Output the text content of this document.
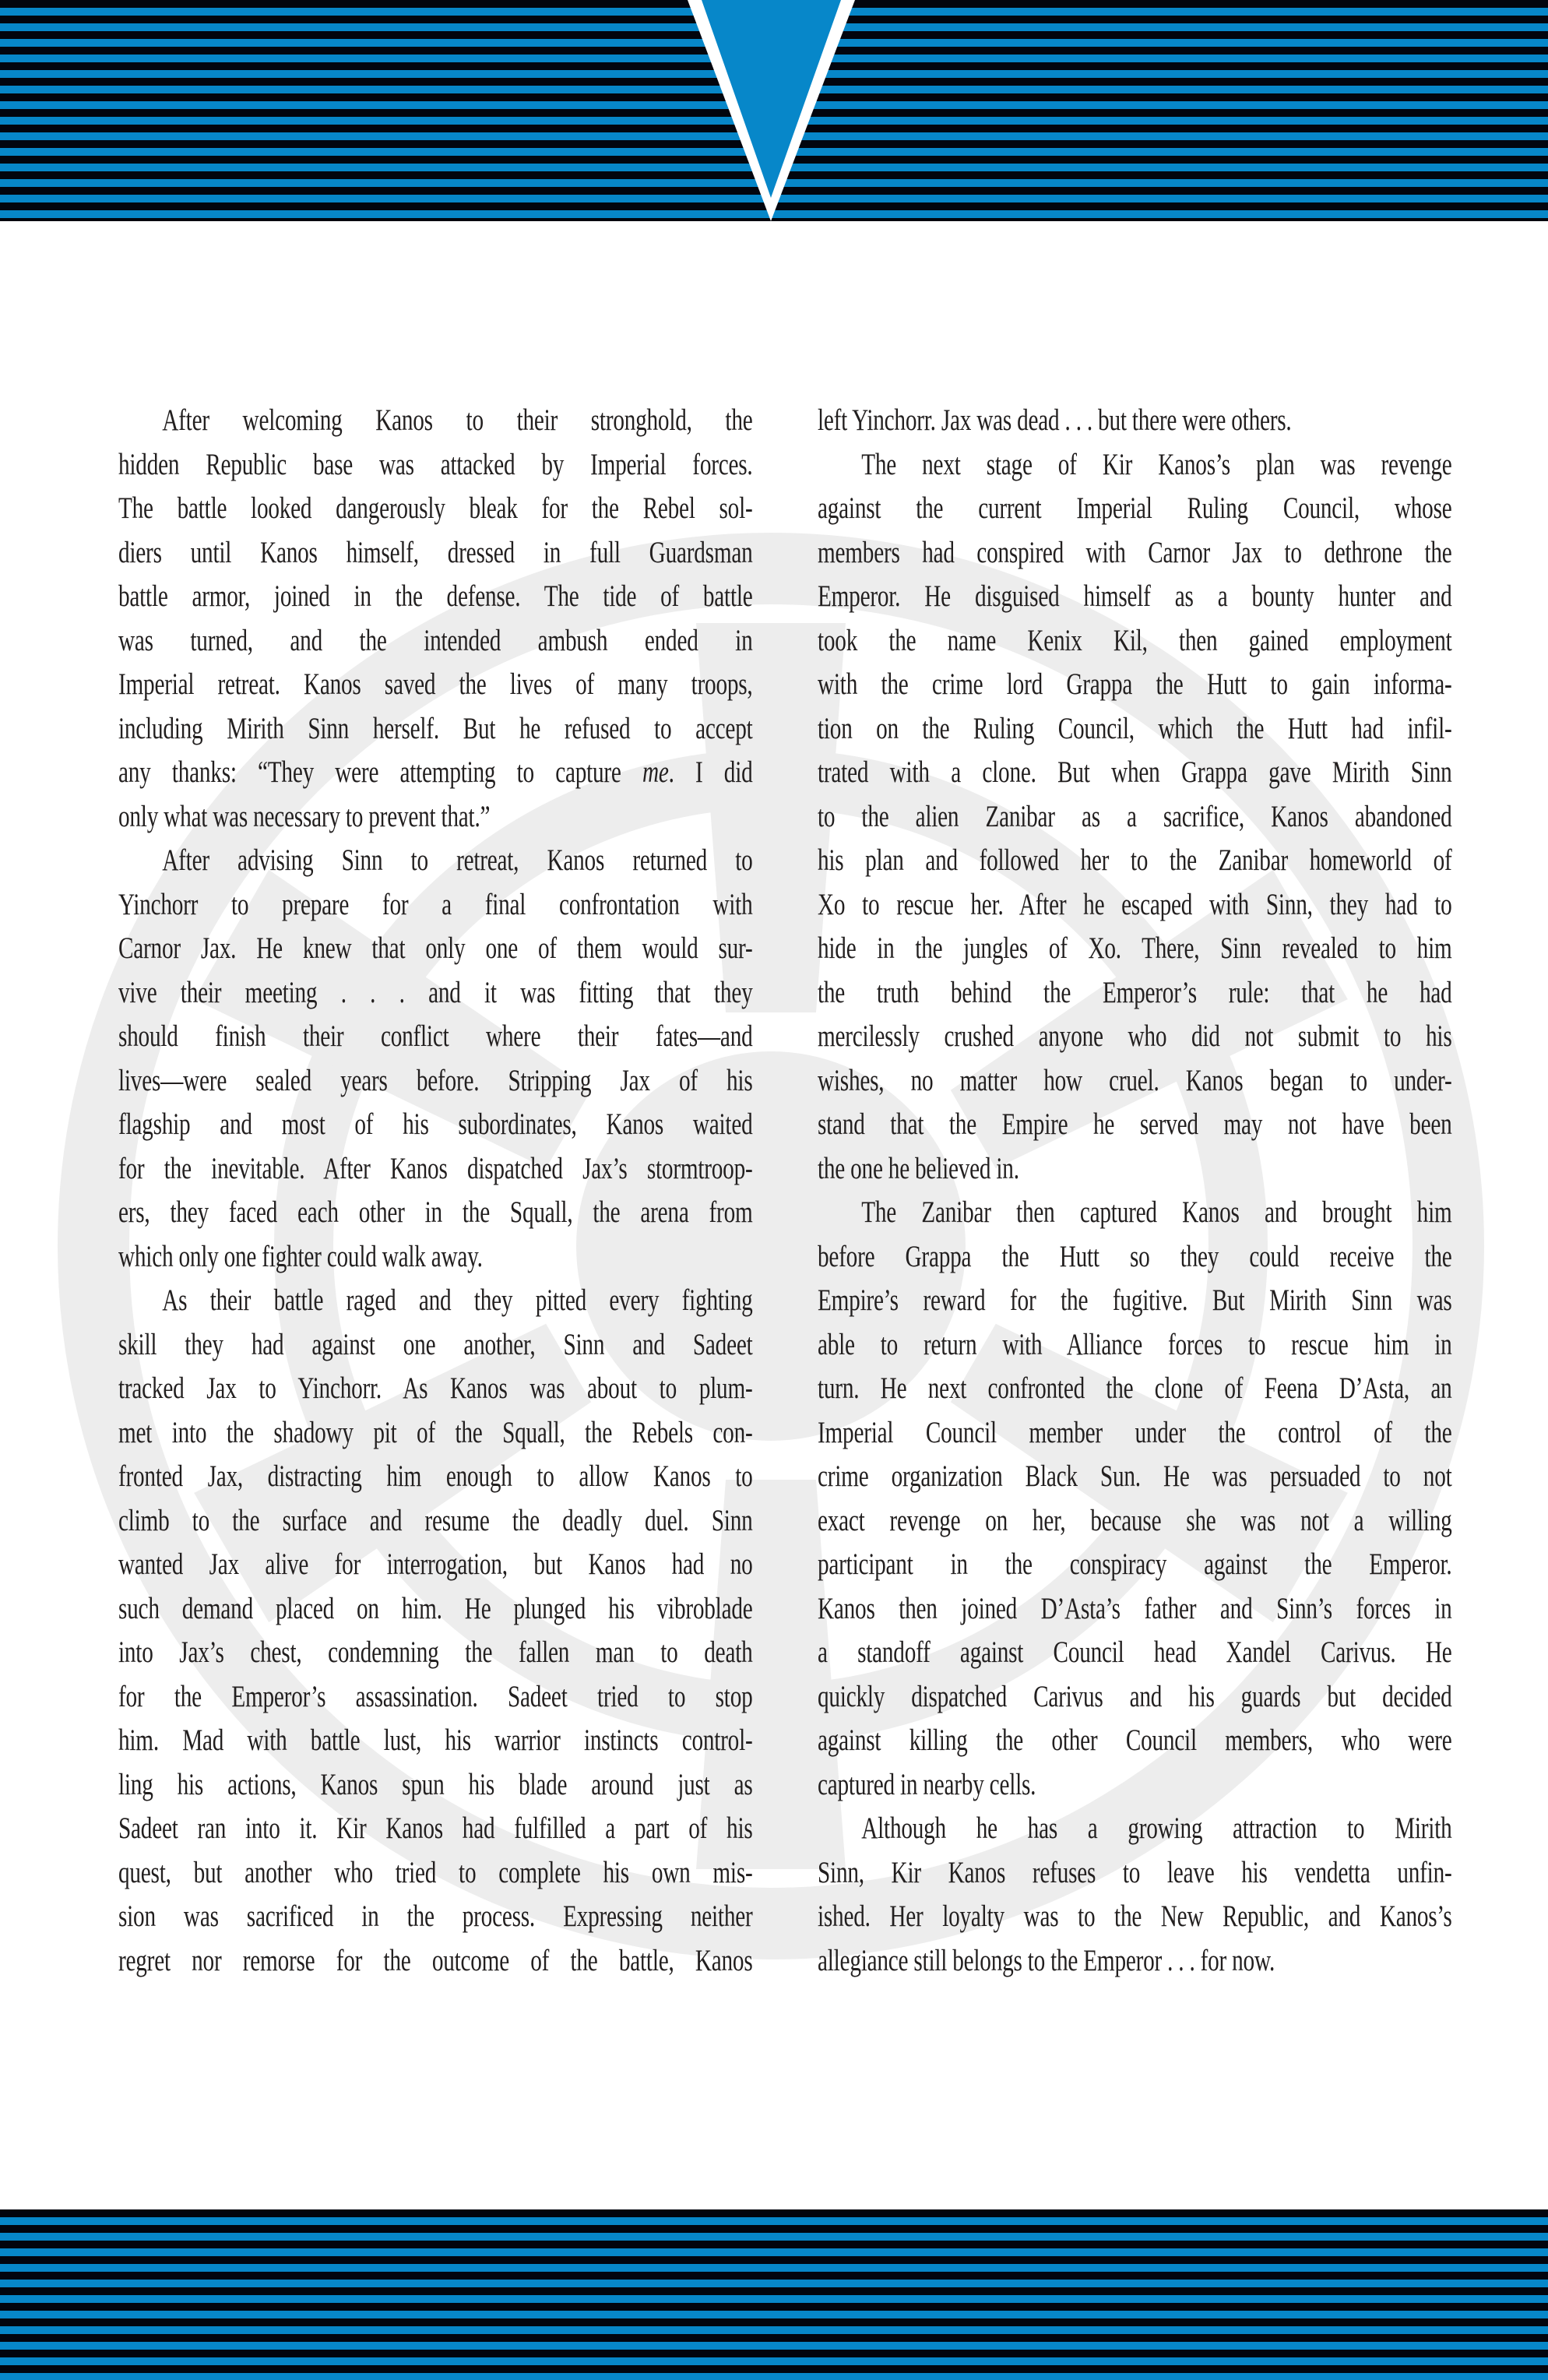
After welcoming Kanos to their stronghold, the
hidden Republic base was attacked by Imperial forces.
The battle looked dangerously bleak for the Rebel sol-
diers until Kanos himself, dressed in full Guardsman
battle armor, joined in the defense. The tide of battle
was turned, and the intended ambush ended in
Imperial retreat. Kanos saved the lives of many troops,
including Mirith Sinn herself. But he refused to accept
any thanks: “They were attempting to capture me. I did
only what was necessary to prevent that.”
After advising Sinn to retreat, Kanos returned to
Yinchorr to prepare for a final confrontation with
Carnor Jax. He knew that only one of them would sur-
vive their meeting . . . and it was fitting that they
should finish their conflict where their fates—and
lives—were sealed years before. Stripping Jax of his
flagship and most of his subordinates, Kanos waited
for the inevitable. After Kanos dispatched Jax’s stormtroop-
ers, they faced each other in the Squall, the arena from
which only one fighter could walk away.
As their battle raged and they pitted every fighting
skill they had against one another, Sinn and Sadeet
tracked Jax to Yinchorr. As Kanos was about to plum-
met into the shadowy pit of the Squall, the Rebels con-
fronted Jax, distracting him enough to allow Kanos to
climb to the surface and resume the deadly duel. Sinn
wanted Jax alive for interrogation, but Kanos had no
such demand placed on him. He plunged his vibroblade
into Jax’s chest, condemning the fallen man to death
for the Emperor’s assassination. Sadeet tried to stop
him. Mad with battle lust, his warrior instincts control-
ling his actions, Kanos spun his blade around just as
Sadeet ran into it. Kir Kanos had fulfilled a part of his
quest, but another who tried to complete his own mis-
sion was sacrificed in the process. Expressing neither
regret nor remorse for the outcome of the battle, Kanos
left Yinchorr. Jax was dead . . . but there were others.
The next stage of Kir Kanos’s plan was revenge
against the current Imperial Ruling Council, whose
members had conspired with Carnor Jax to dethrone the
Emperor. He disguised himself as a bounty hunter and
took the name Kenix Kil, then gained employment
with the crime lord Grappa the Hutt to gain informa-
tion on the Ruling Council, which the Hutt had infil-
trated with a clone. But when Grappa gave Mirith Sinn
to the alien Zanibar as a sacrifice, Kanos abandoned
his plan and followed her to the Zanibar homeworld of
Xo to rescue her. After he escaped with Sinn, they had to
hide in the jungles of Xo. There, Sinn revealed to him
the truth behind the Emperor’s rule: that he had
mercilessly crushed anyone who did not submit to his
wishes, no matter how cruel. Kanos began to under-
stand that the Empire he served may not have been
the one he believed in.
The Zanibar then captured Kanos and brought him
before Grappa the Hutt so they could receive the
Empire’s reward for the fugitive. But Mirith Sinn was
able to return with Alliance forces to rescue him in
turn. He next confronted the clone of Feena D’Asta, an
Imperial Council member under the control of the
crime organization Black Sun. He was persuaded to not
exact revenge on her, because she was not a willing
participant in the conspiracy against the Emperor.
Kanos then joined D’Asta’s father and Sinn’s forces in
a standoff against Council head Xandel Carivus. He
quickly dispatched Carivus and his guards but decided
against killing the other Council members, who were
captured in nearby cells.
Although he has a growing attraction to Mirith
Sinn, Kir Kanos refuses to leave his vendetta unfin-
ished. Her loyalty was to the New Republic, and Kanos’s
allegiance still belongs to the Emperor . . . for now.
